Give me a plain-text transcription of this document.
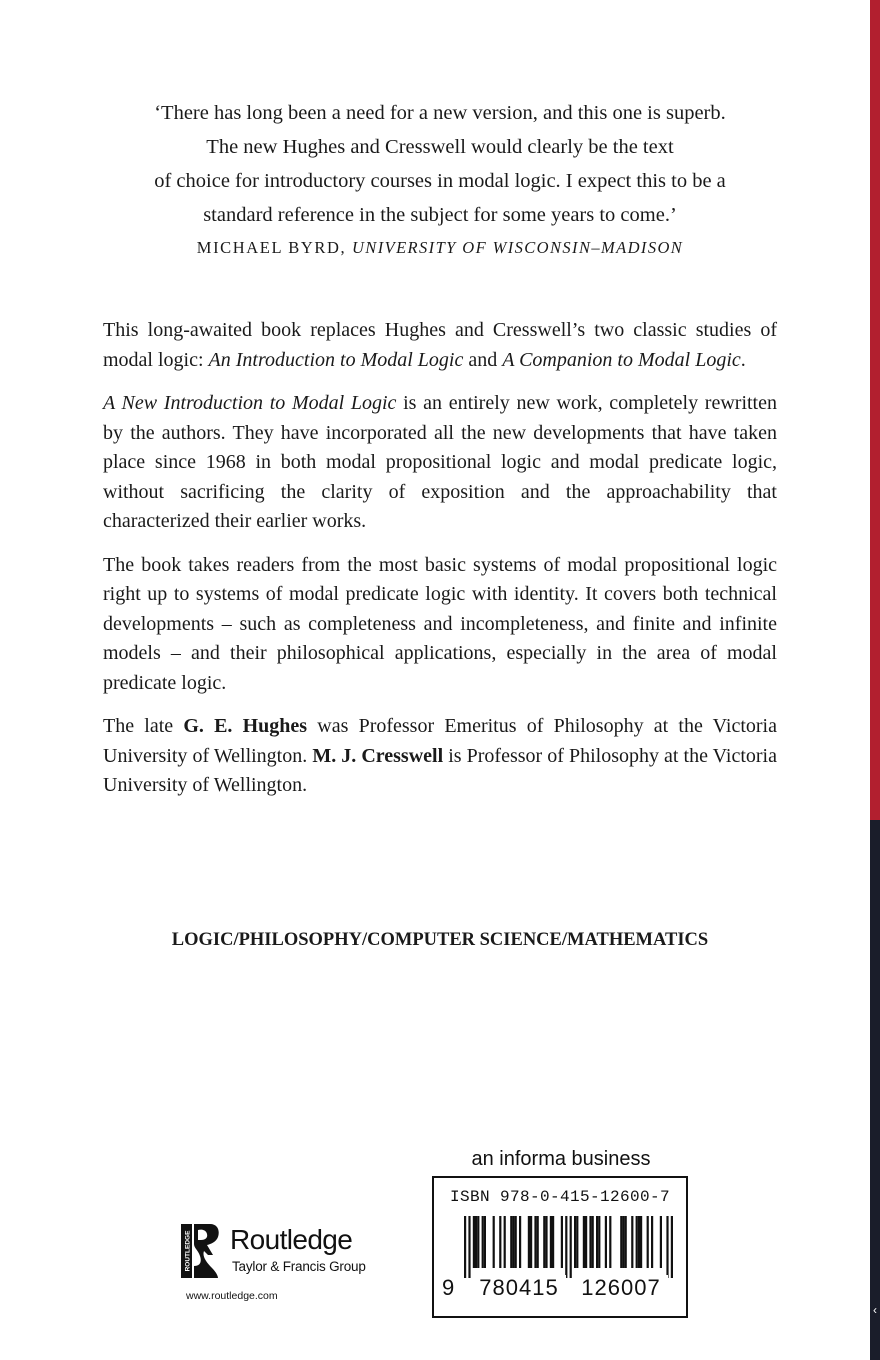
‹
‘There has long been a need for a new version, and this one is superb.
The new Hughes and Cresswell would clearly be the text
of choice for introductory courses in modal logic. I expect this to be a
standard reference in the subject for some years to come.’
MICHAEL BYRD, UNIVERSITY OF WISCONSIN–MADISON

This long-awaited book replaces Hughes and Cresswell’s two classic studies of modal logic: An Introduction to Modal Logic and A Companion to Modal Logic.

A New Introduction to Modal Logic is an entirely new work, completely rewritten by the authors. They have incorporated all the new developments that have taken place since 1968 in both modal propositional logic and modal predicate logic, without sacrificing the clarity of exposition and the approachability that characterized their earlier works.

The book takes readers from the most basic systems of modal propositional logic right up to systems of modal predicate logic with identity. It covers both technical developments – such as completeness and incompleteness, and finite and infinite models – and their philosophical applications, especially in the area of modal predicate logic.

The late G. E. Hughes was Professor Emeritus of Philosophy at the Victoria University of Wellington. M. J. Cresswell is Professor of Philosophy at the Victoria University of Wellington.

LOGIC/PHILOSOPHY/COMPUTER SCIENCE/MATHEMATICS
ROUTLEDGE Routledge
Taylor & Francis Group
www.routledge.com
an informa business
ISBN 978-0-415-12600-7
9	780415	126007
